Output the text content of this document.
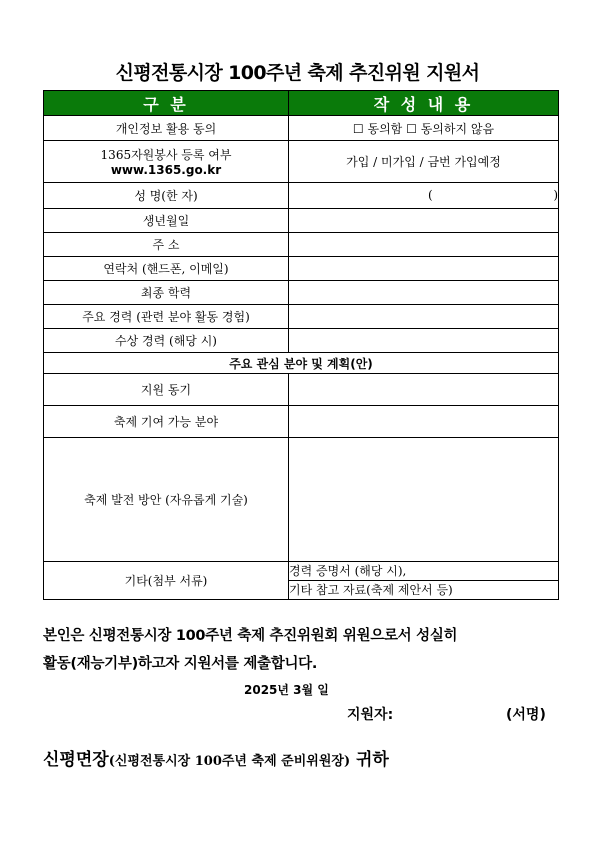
신평전통시장 100주년 축제 추진위원 지원서
구 분	작 성 내 용
개인정보 활용 동의	☐ 동의함 ☐ 동의하지 않음

1365자원봉사 등록 여부
www.1365.go.kr	가입 / 미가입 / 금번 가입예정
성 명(한 자)	( )

생년월일	
주 소	
연락처 (핸드폰, 이메일)	
최종 학력	
주요 경력 (관련 분야 활동 경험)	
수상 경력 (해당 시)	
주요 관심 분야 및 계획(안)	
지원 동기	
축제 기여 가능 분야	
축제 발전 방안 (자유롭게 기술)	
기타(첨부 서류)	경력 증명서 (해당 시),
기타 참고 자료(축제 제안서 등)
본인은 신평전통시장 100주년 축제 추진위원회 위원으로서 성실히
활동(재능기부)하고자 지원서를 제출합니다.
2025년 3월 일
지원자:	(서명)
신평면장(신평전통시장 100주년 축제 준비위원장) 귀하
